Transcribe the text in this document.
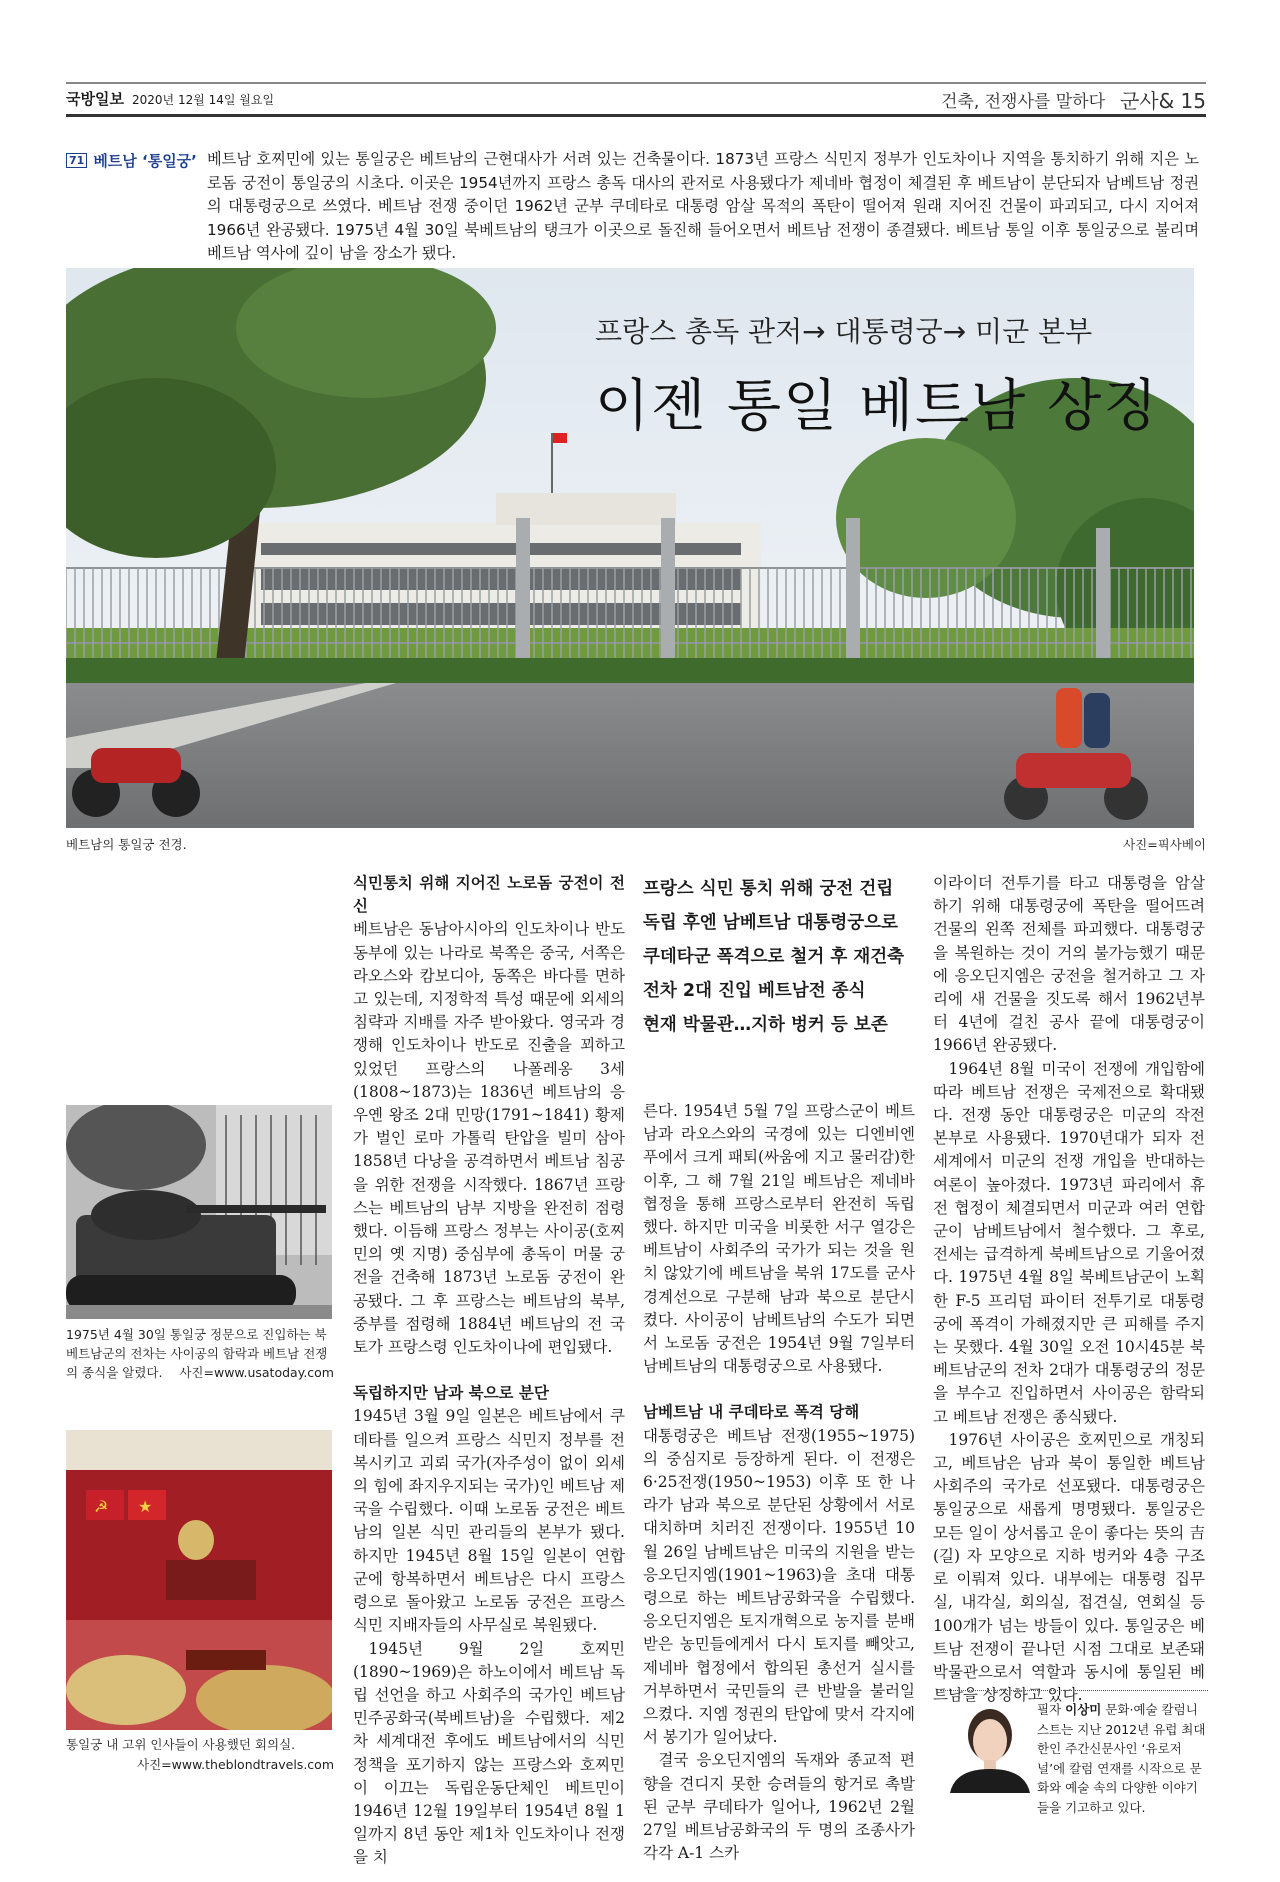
국방일보 2020년 12월 14일 월요일	건축, 전쟁사를 말하다 군사& 15
71 베트남 ‘통일궁’ 베트남 호찌민에 있는 통일궁은 베트남의 근현대사가 서려 있는 건축물이다. 1873년 프랑스 식민지 정부가 인도차이나 지역을 통치하기 위해 지은 노로돔 궁전이 통일궁의 시초다. 이곳은 1954년까지 프랑스 총독 대사의 관저로 사용됐다가 제네바 협정이 체결된 후 베트남이 분단되자 남베트남 정권의 대통령궁으로 쓰였다. 베트남 전쟁 중이던 1962년 군부 쿠데타로 대통령 암살 목적의 폭탄이 떨어져 원래 지어진 건물이 파괴되고, 다시 지어져 1966년 완공됐다. 1975년 4월 30일 북베트남의 탱크가 이곳으로 돌진해 들어오면서 베트남 전쟁이 종결됐다. 베트남 통일 이후 통일궁으로 불리며 베트남 역사에 깊이 남을 장소가 됐다.
프랑스 총독 관저→ 대통령궁→ 미군 본부
이젠 통일 베트남 상징
베트남의 통일궁 전경.	사진=픽사베이
1975년 4월 30일 통일궁 정문으로 진입하는 북베트남군의 전차는 사이공의 함락과 베트남 전쟁의 종식을 알렸다. 사진=www.usatoday.com
☭ ★
통일궁 내 고위 인사들이 사용했던 회의실.
사진=www.theblondtravels.com
식민통치 위해 지어진 노로돔 궁전이 전신

베트남은 동남아시아의 인도차이나 반도 동부에 있는 나라로 북쪽은 중국, 서쪽은 라오스와 캄보디아, 동쪽은 바다를 면하고 있는데, 지정학적 특성 때문에 외세의 침략과 지배를 자주 받아왔다. 영국과 경쟁해 인도차이나 반도로 진출을 꾀하고 있었던 프랑스의 나폴레옹 3세(1808~1873)는 1836년 베트남의 응우옌 왕조 2대 민망(1791~1841) 황제가 벌인 로마 가톨릭 탄압을 빌미 삼아 1858년 다낭을 공격하면서 베트남 침공을 위한 전쟁을 시작했다. 1867년 프랑스는 베트남의 남부 지방을 완전히 점령했다. 이듬해 프랑스 정부는 사이공(호찌민의 옛 지명) 중심부에 총독이 머물 궁전을 건축해 1873년 노로돔 궁전이 완공됐다. 그 후 프랑스는 베트남의 북부, 중부를 점령해 1884년 베트남의 전 국토가 프랑스령 인도차이나에 편입됐다.

독립하지만 남과 북으로 분단

1945년 3월 9일 일본은 베트남에서 쿠데타를 일으켜 프랑스 식민지 정부를 전복시키고 괴뢰 국가(자주성이 없이 외세의 힘에 좌지우지되는 국가)인 베트남 제국을 수립했다. 이때 노로돔 궁전은 베트남의 일본 식민 관리들의 본부가 됐다. 하지만 1945년 8월 15일 일본이 연합군에 항복하면서 베트남은 다시 프랑스령으로 돌아왔고 노로돔 궁전은 프랑스 식민 지배자들의 사무실로 복원됐다.

1945년 9월 2일 호찌민(1890~1969)은 하노이에서 베트남 독립 선언을 하고 사회주의 국가인 베트남민주공화국(북베트남)을 수립했다. 제2차 세계대전 후에도 베트남에서의 식민정책을 포기하지 않는 프랑스와 호찌민이 이끄는 독립운동단체인 베트민이 1946년 12월 19일부터 1954년 8월 1일까지 8년 동안 제1차 인도차이나 전쟁을 치

프랑스 식민 통치 위해 궁전 건립
독립 후엔 남베트남 대통령궁으로
쿠데타군 폭격으로 철거 후 재건축
전차 2대 진입 베트남전 종식
현재 박물관…지하 벙커 등 보존

른다. 1954년 5월 7일 프랑스군이 베트남과 라오스와의 국경에 있는 디엔비엔푸에서 크게 패퇴(싸움에 지고 물러감)한 이후, 그 해 7월 21일 베트남은 제네바 협정을 통해 프랑스로부터 완전히 독립했다. 하지만 미국을 비롯한 서구 열강은 베트남이 사회주의 국가가 되는 것을 원치 않았기에 베트남을 북위 17도를 군사경계선으로 구분해 남과 북으로 분단시켰다. 사이공이 남베트남의 수도가 되면서 노로돔 궁전은 1954년 9월 7일부터 남베트남의 대통령궁으로 사용됐다.

남베트남 내 쿠데타로 폭격 당해

대통령궁은 베트남 전쟁(1955~1975)의 중심지로 등장하게 된다. 이 전쟁은 6·25전쟁(1950~1953) 이후 또 한 나라가 남과 북으로 분단된 상황에서 서로 대치하며 치러진 전쟁이다. 1955년 10월 26일 남베트남은 미국의 지원을 받는 응오딘지엠(1901~1963)을 초대 대통령으로 하는 베트남공화국을 수립했다. 응오딘지엠은 토지개혁으로 농지를 분배받은 농민들에게서 다시 토지를 빼앗고, 제네바 협정에서 합의된 총선거 실시를 거부하면서 국민들의 큰 반발을 불러일으켰다. 지엠 정권의 탄압에 맞서 각지에서 봉기가 일어났다.

결국 응오딘지엠의 독재와 종교적 편향을 견디지 못한 승려들의 항거로 촉발된 군부 쿠데타가 일어나, 1962년 2월 27일 베트남공화국의 두 명의 조종사가 각각 A-1 스카

이라이더 전투기를 타고 대통령을 암살하기 위해 대통령궁에 폭탄을 떨어뜨려 건물의 왼쪽 전체를 파괴했다. 대통령궁을 복원하는 것이 거의 불가능했기 때문에 응오딘지엠은 궁전을 철거하고 그 자리에 새 건물을 짓도록 해서 1962년부터 4년에 걸친 공사 끝에 대통령궁이 1966년 완공됐다.

1964년 8월 미국이 전쟁에 개입함에 따라 베트남 전쟁은 국제전으로 확대됐다. 전쟁 동안 대통령궁은 미군의 작전 본부로 사용됐다. 1970년대가 되자 전 세계에서 미군의 전쟁 개입을 반대하는 여론이 높아졌다. 1973년 파리에서 휴전 협정이 체결되면서 미군과 여러 연합군이 남베트남에서 철수했다. 그 후로, 전세는 급격하게 북베트남으로 기울어졌다. 1975년 4월 8일 북베트남군이 노획한 F-5 프리덤 파이터 전투기로 대통령궁에 폭격이 가해졌지만 큰 피해를 주지는 못했다. 4월 30일 오전 10시45분 북베트남군의 전차 2대가 대통령궁의 정문을 부수고 진입하면서 사이공은 함락되고 베트남 전쟁은 종식됐다.

1976년 사이공은 호찌민으로 개칭되고, 베트남은 남과 북이 통일한 베트남 사회주의 국가로 선포됐다. 대통령궁은 통일궁으로 새롭게 명명됐다. 통일궁은 모든 일이 상서롭고 운이 좋다는 뜻의 吉(길) 자 모양으로 지하 벙커와 4층 구조로 이뤄져 있다. 내부에는 대통령 집무실, 내각실, 회의실, 접견실, 연회실 등 100개가 넘는 방들이 있다. 통일궁은 베트남 전쟁이 끝나던 시점 그대로 보존돼 박물관으로서 역할과 동시에 통일된 베트남을 상징하고 있다.

필자 이상미 문화·예술 칼럼니스트는 지난 2012년 유럽 최대 한인 주간신문사인 ‘유로저널’에 칼럼 연재를 시작으로 문화와 예술 속의 다양한 이야기들을 기고하고 있다.
